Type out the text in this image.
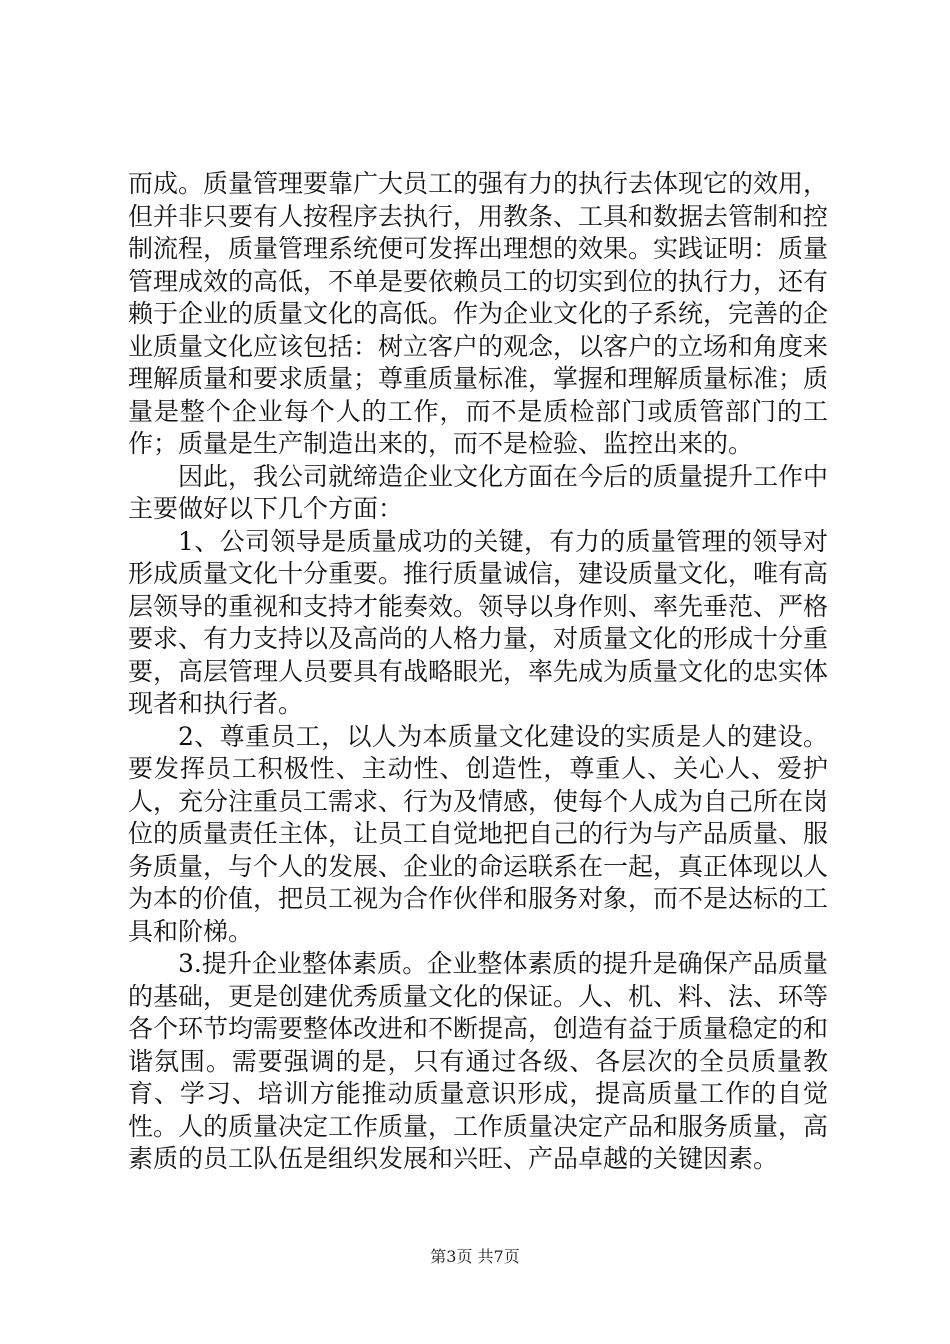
而成。质量管理要靠广大员工的强有力的执行去体现它的效用，但并非只要有人按程序去执行，用教条、工具和数据去管制和控制流程，质量管理系统便可发挥出理想的效果。实践证明：质量管理成效的高低，不单是要依赖员工的切实到位的执行力，还有赖于企业的质量文化的高低。作为企业文化的子系统，完善的企业质量文化应该包括：树立客户的观念，以客户的立场和角度来理解质量和要求质量；尊重质量标准，掌握和理解质量标准；质量是整个企业每个人的工作，而不是质检部门或质管部门的工作；质量是生产制造出来的，而不是检验、监控出来的。

因此，我公司就缔造企业文化方面在今后的质量提升工作中主要做好以下几个方面：

1、公司领导是质量成功的关键，有力的质量管理的领导对形成质量文化十分重要。推行质量诚信，建设质量文化，唯有高层领导的重视和支持才能奏效。领导以身作则、率先垂范、严格要求、有力支持以及高尚的人格力量，对质量文化的形成十分重要，高层管理人员要具有战略眼光，率先成为质量文化的忠实体现者和执行者。

2、尊重员工，以人为本质量文化建设的实质是人的建设。要发挥员工积极性、主动性、创造性，尊重人、关心人、爱护人，充分注重员工需求、行为及情感，使每个人成为自己所在岗位的质量责任主体，让员工自觉地把自己的行为与产品质量、服务质量，与个人的发展、企业的命运联系在一起，真正体现以人为本的价值，把员工视为合作伙伴和服务对象，而不是达标的工具和阶梯。

3.提升企业整体素质。企业整体素质的提升是确保产品质量的基础，更是创建优秀质量文化的保证。人、机、料、法、环等各个环节均需要整体改进和不断提高，创造有益于质量稳定的和谐氛围。需要强调的是，只有通过各级、各层次的全员质量教育、学习、培训方能推动质量意识形成，提高质量工作的自觉性。人的质量决定工作质量，工作质量决定产品和服务质量，高素质的员工队伍是组织发展和兴旺、产品卓越的关键因素。

第3页 共7页
